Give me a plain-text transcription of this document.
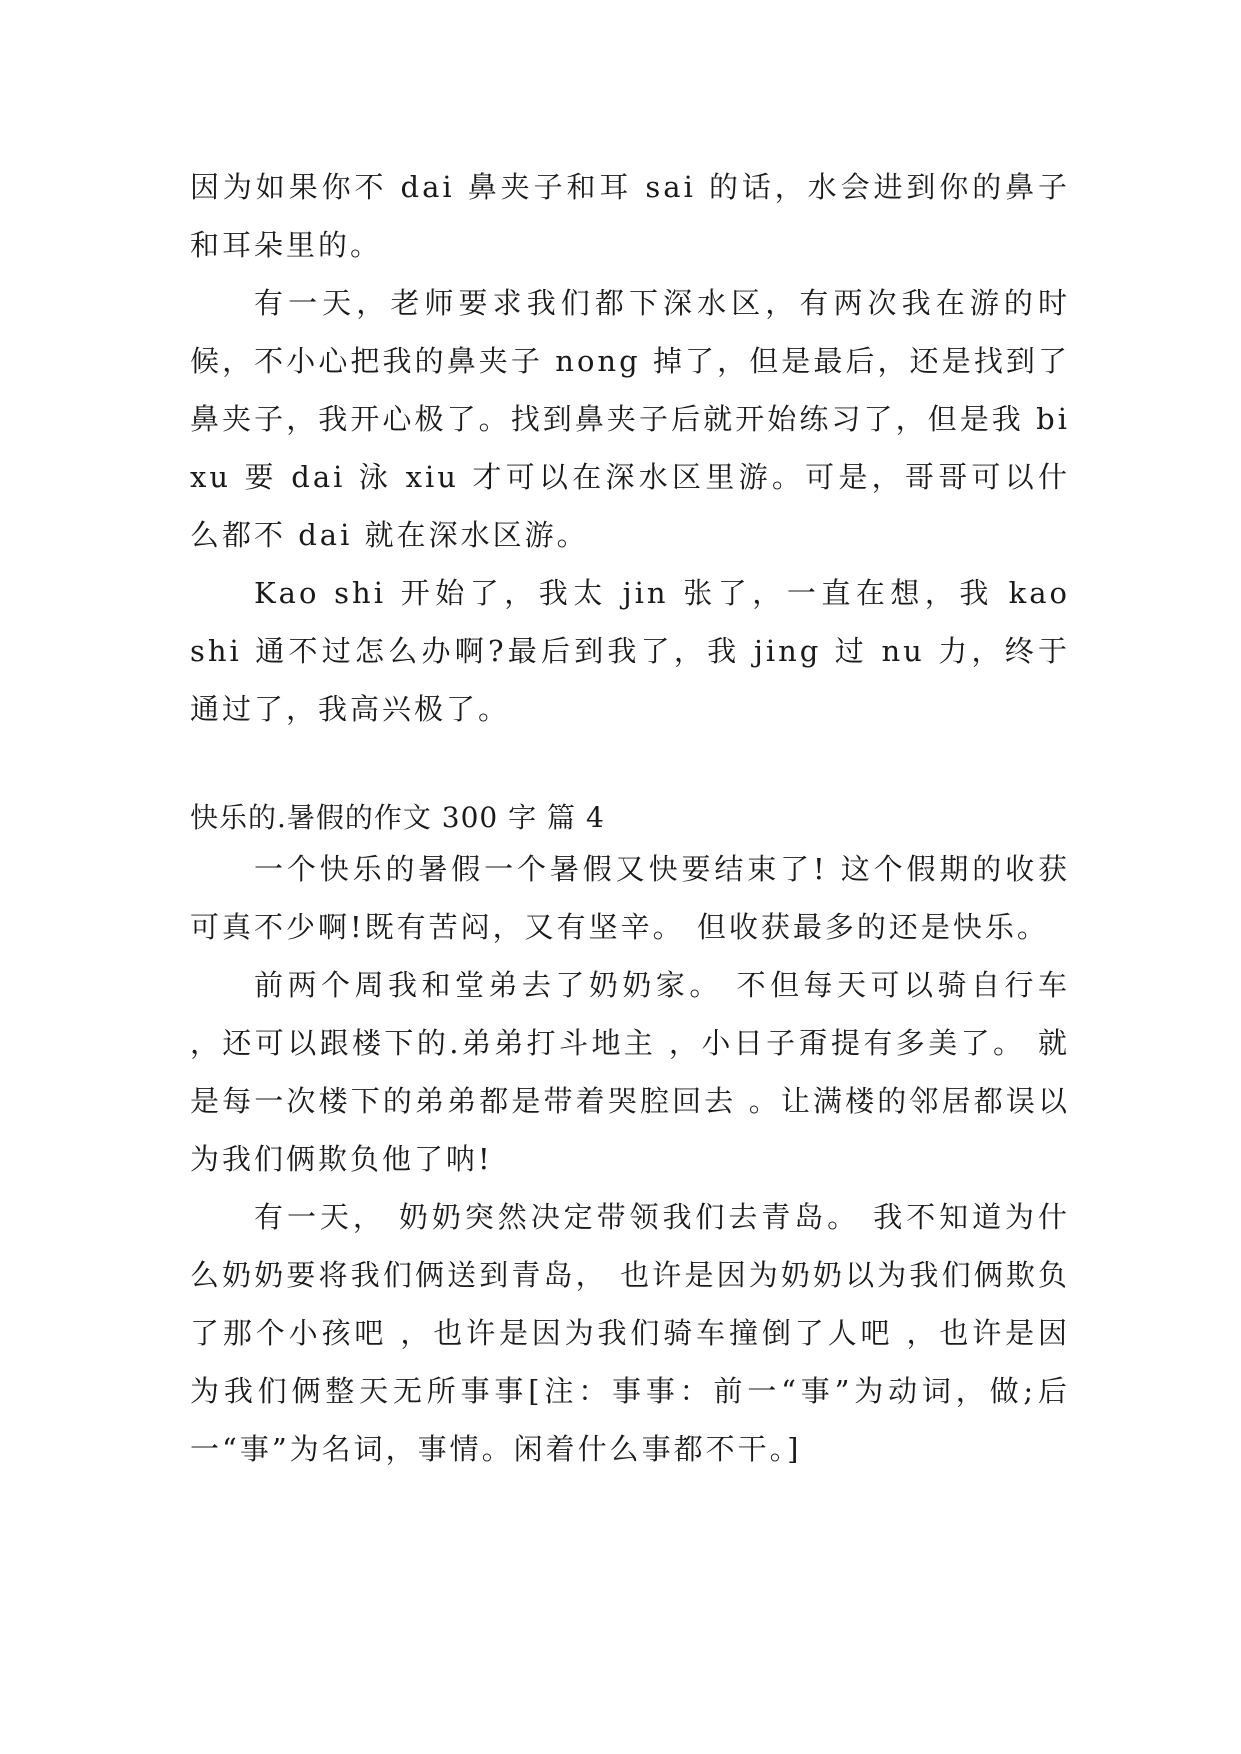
因为如果你不 dai 鼻夹子和耳 sai 的话，水会进到你的鼻子和耳朵里的。

有一天，老师要求我们都下深水区，有两次我在游的时候，不小心把我的鼻夹子 nong 掉了，但是最后，还是找到了鼻夹子，我开心极了。找到鼻夹子后就开始练习了，但是我 bi xu 要 dai 泳 xiu 才可以在深水区里游。可是，哥哥可以什么都不 dai 就在深水区游。

Kao shi 开始了，我太 jin 张了，一直在想，我 kao shi 通不过怎么办啊?最后到我了，我 jing 过 nu 力，终于通过了，我高兴极了。

快乐的.暑假的作文 300 字 篇 4

一个快乐的暑假一个暑假又快要结束了! 这个假期的收获可真不少啊!既有苦闷，又有坚辛。 但收获最多的还是快乐。

前两个周我和堂弟去了奶奶家。 不但每天可以骑自行车 ，还可以跟楼下的.弟弟打斗地主 ，小日子甭提有多美了。 就是每一次楼下的弟弟都是带着哭腔回去 。让满楼的邻居都误以为我们俩欺负他了呐!

有一天， 奶奶突然决定带领我们去青岛。 我不知道为什么奶奶要将我们俩送到青岛， 也许是因为奶奶以为我们俩欺负了那个小孩吧 ，也许是因为我们骑车撞倒了人吧 ，也许是因为我们俩整天无所事事[注：事事：前一“事”为动词，做;后一“事”为名词，事情。闲着什么事都不干。]
